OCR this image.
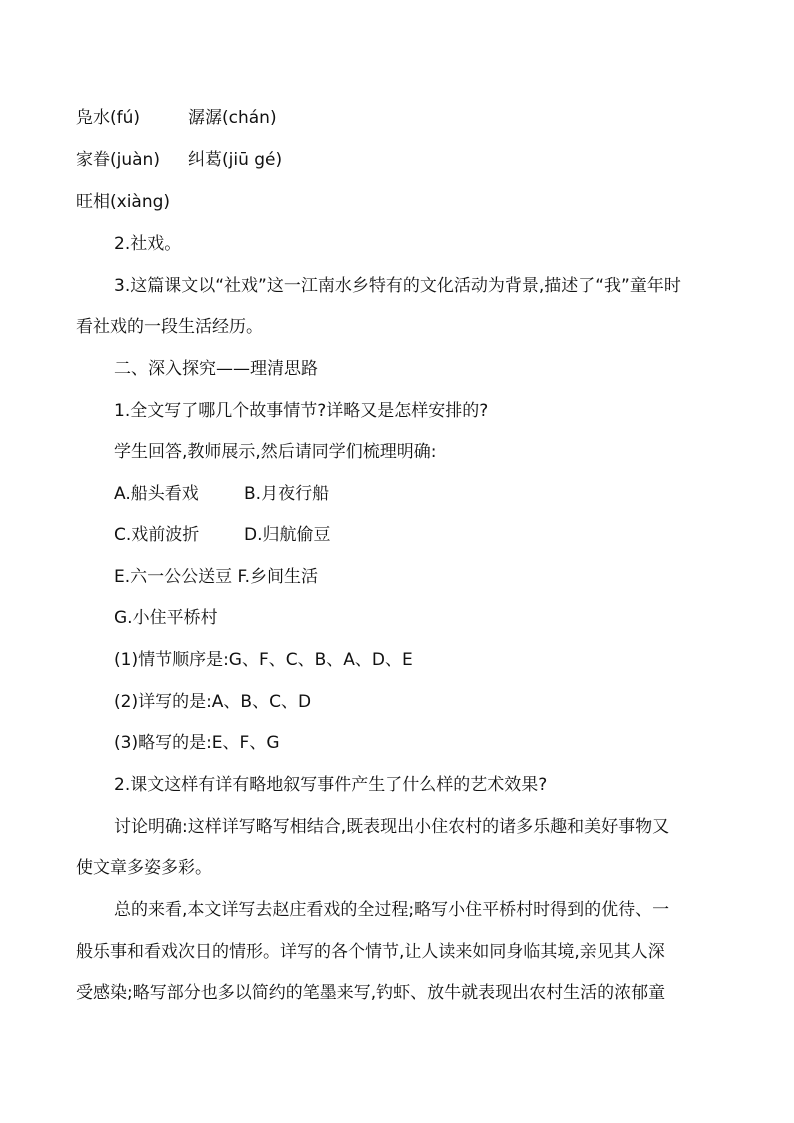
凫水(fú)	潺潺(chán)
家眷(juàn) 纠葛(jiū gé)
旺相(xiàng)
2.社戏。
3.这篇课文以“社戏”这一江南水乡特有的文化活动为背景,描述了“我”童年时
看社戏的一段生活经历。
二、深入探究——理清思路
1.全文写了哪几个故事情节?详略又是怎样安排的?
学生回答,教师展示,然后请同学们梳理明确:
A.船头看戏	B.月夜行船
C.戏前波折	D.归航偷豆
E.六一公公送豆 F.乡间生活
G.小住平桥村
(1)情节顺序是:G、F、C、B、A、D、E
(2)详写的是:A、B、C、D
(3)略写的是:E、F、G
2.课文这样有详有略地叙写事件产生了什么样的艺术效果?
讨论明确:这样详写略写相结合,既表现出小住农村的诸多乐趣和美好事物又
使文章多姿多彩。
总的来看,本文详写去赵庄看戏的全过程;略写小住平桥村时得到的优待、一
般乐事和看戏次日的情形。详写的各个情节,让人读来如同身临其境,亲见其人深
受感染;略写部分也多以简约的笔墨来写,钓虾、放牛就表现出农村生活的浓郁童
